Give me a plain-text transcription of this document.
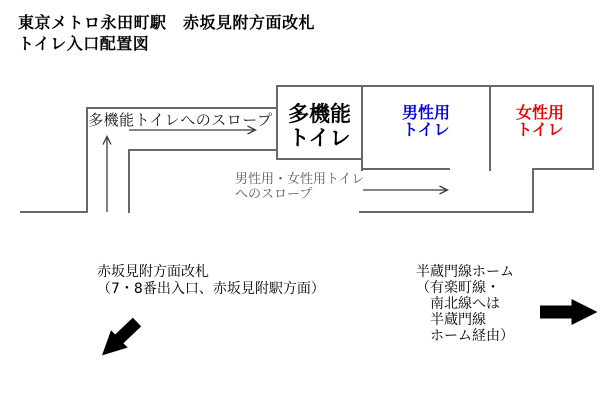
東京メトロ永田町駅　赤坂見附方面改札
トイレ入口配置図
多機能トイレへのスロープ 多機能
トイレ
男性用
トイレ
女性用
トイレ
男性用・女性用トイレ
へのスロープ
赤坂見附方面改札
（7・8番出入口、赤坂見附駅方面）
半蔵門線ホーム
（有楽町線・
　南北線へは
　半蔵門線
　ホーム経由）
